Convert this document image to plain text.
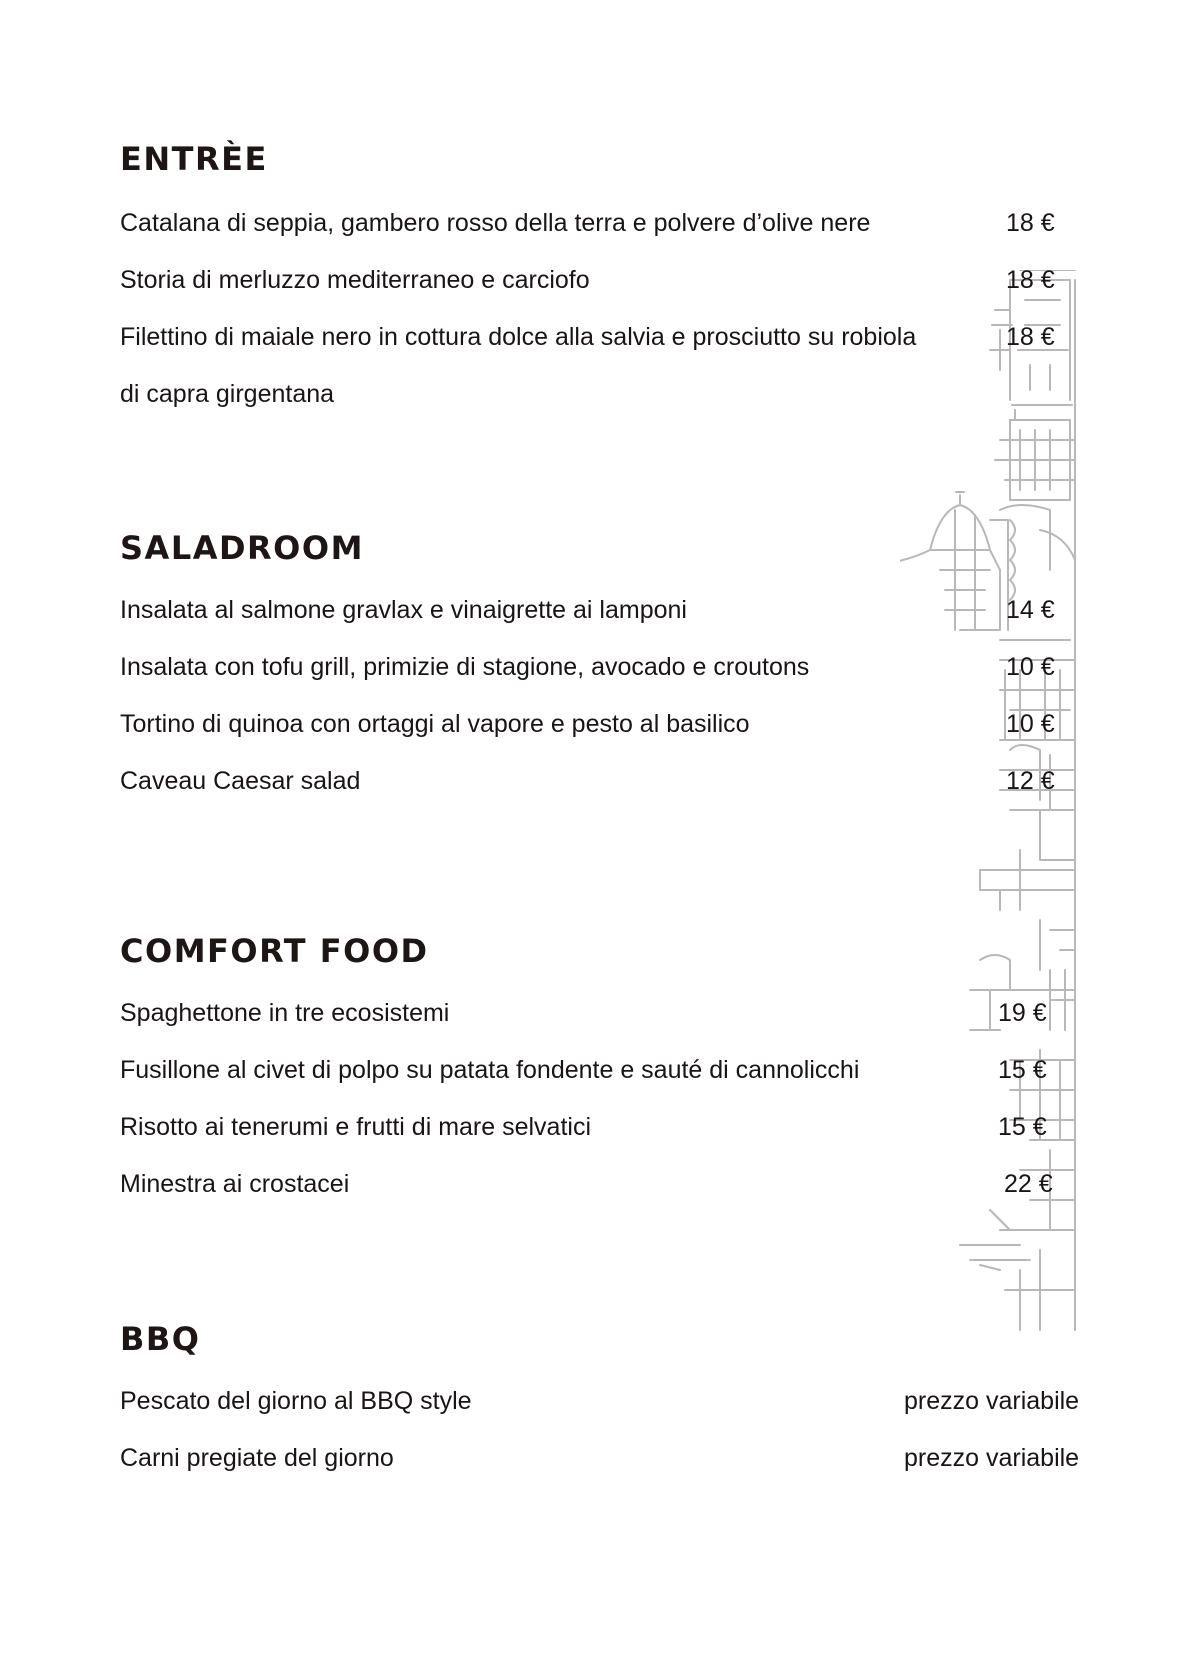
ENTRÈE
Catalana di seppia, gambero rosso della terra e polvere d’olive nere	18 €
Storia di merluzzo mediterraneo e carciofo	18 €
Filettino di maiale nero in cottura dolce alla salvia e prosciutto su robiola	18 €
di capra girgentana
SALADROOM
Insalata al salmone gravlax e vinaigrette ai lamponi	14 €
Insalata con tofu grill, primizie di stagione, avocado e croutons	10 €
Tortino di quinoa con ortaggi al vapore e pesto al basilico	10 €
Caveau Caesar salad	12 €
COMFORT FOOD
Spaghettone in tre ecosistemi	19 €
Fusillone al civet di polpo su patata fondente e sauté di cannolicchi	15 €
Risotto ai tenerumi e frutti di mare selvatici	15 €
Minestra ai crostacei	22 €
BBQ
Pescato del giorno al BBQ style	prezzo variabile
Carni pregiate del giorno	prezzo variabile
